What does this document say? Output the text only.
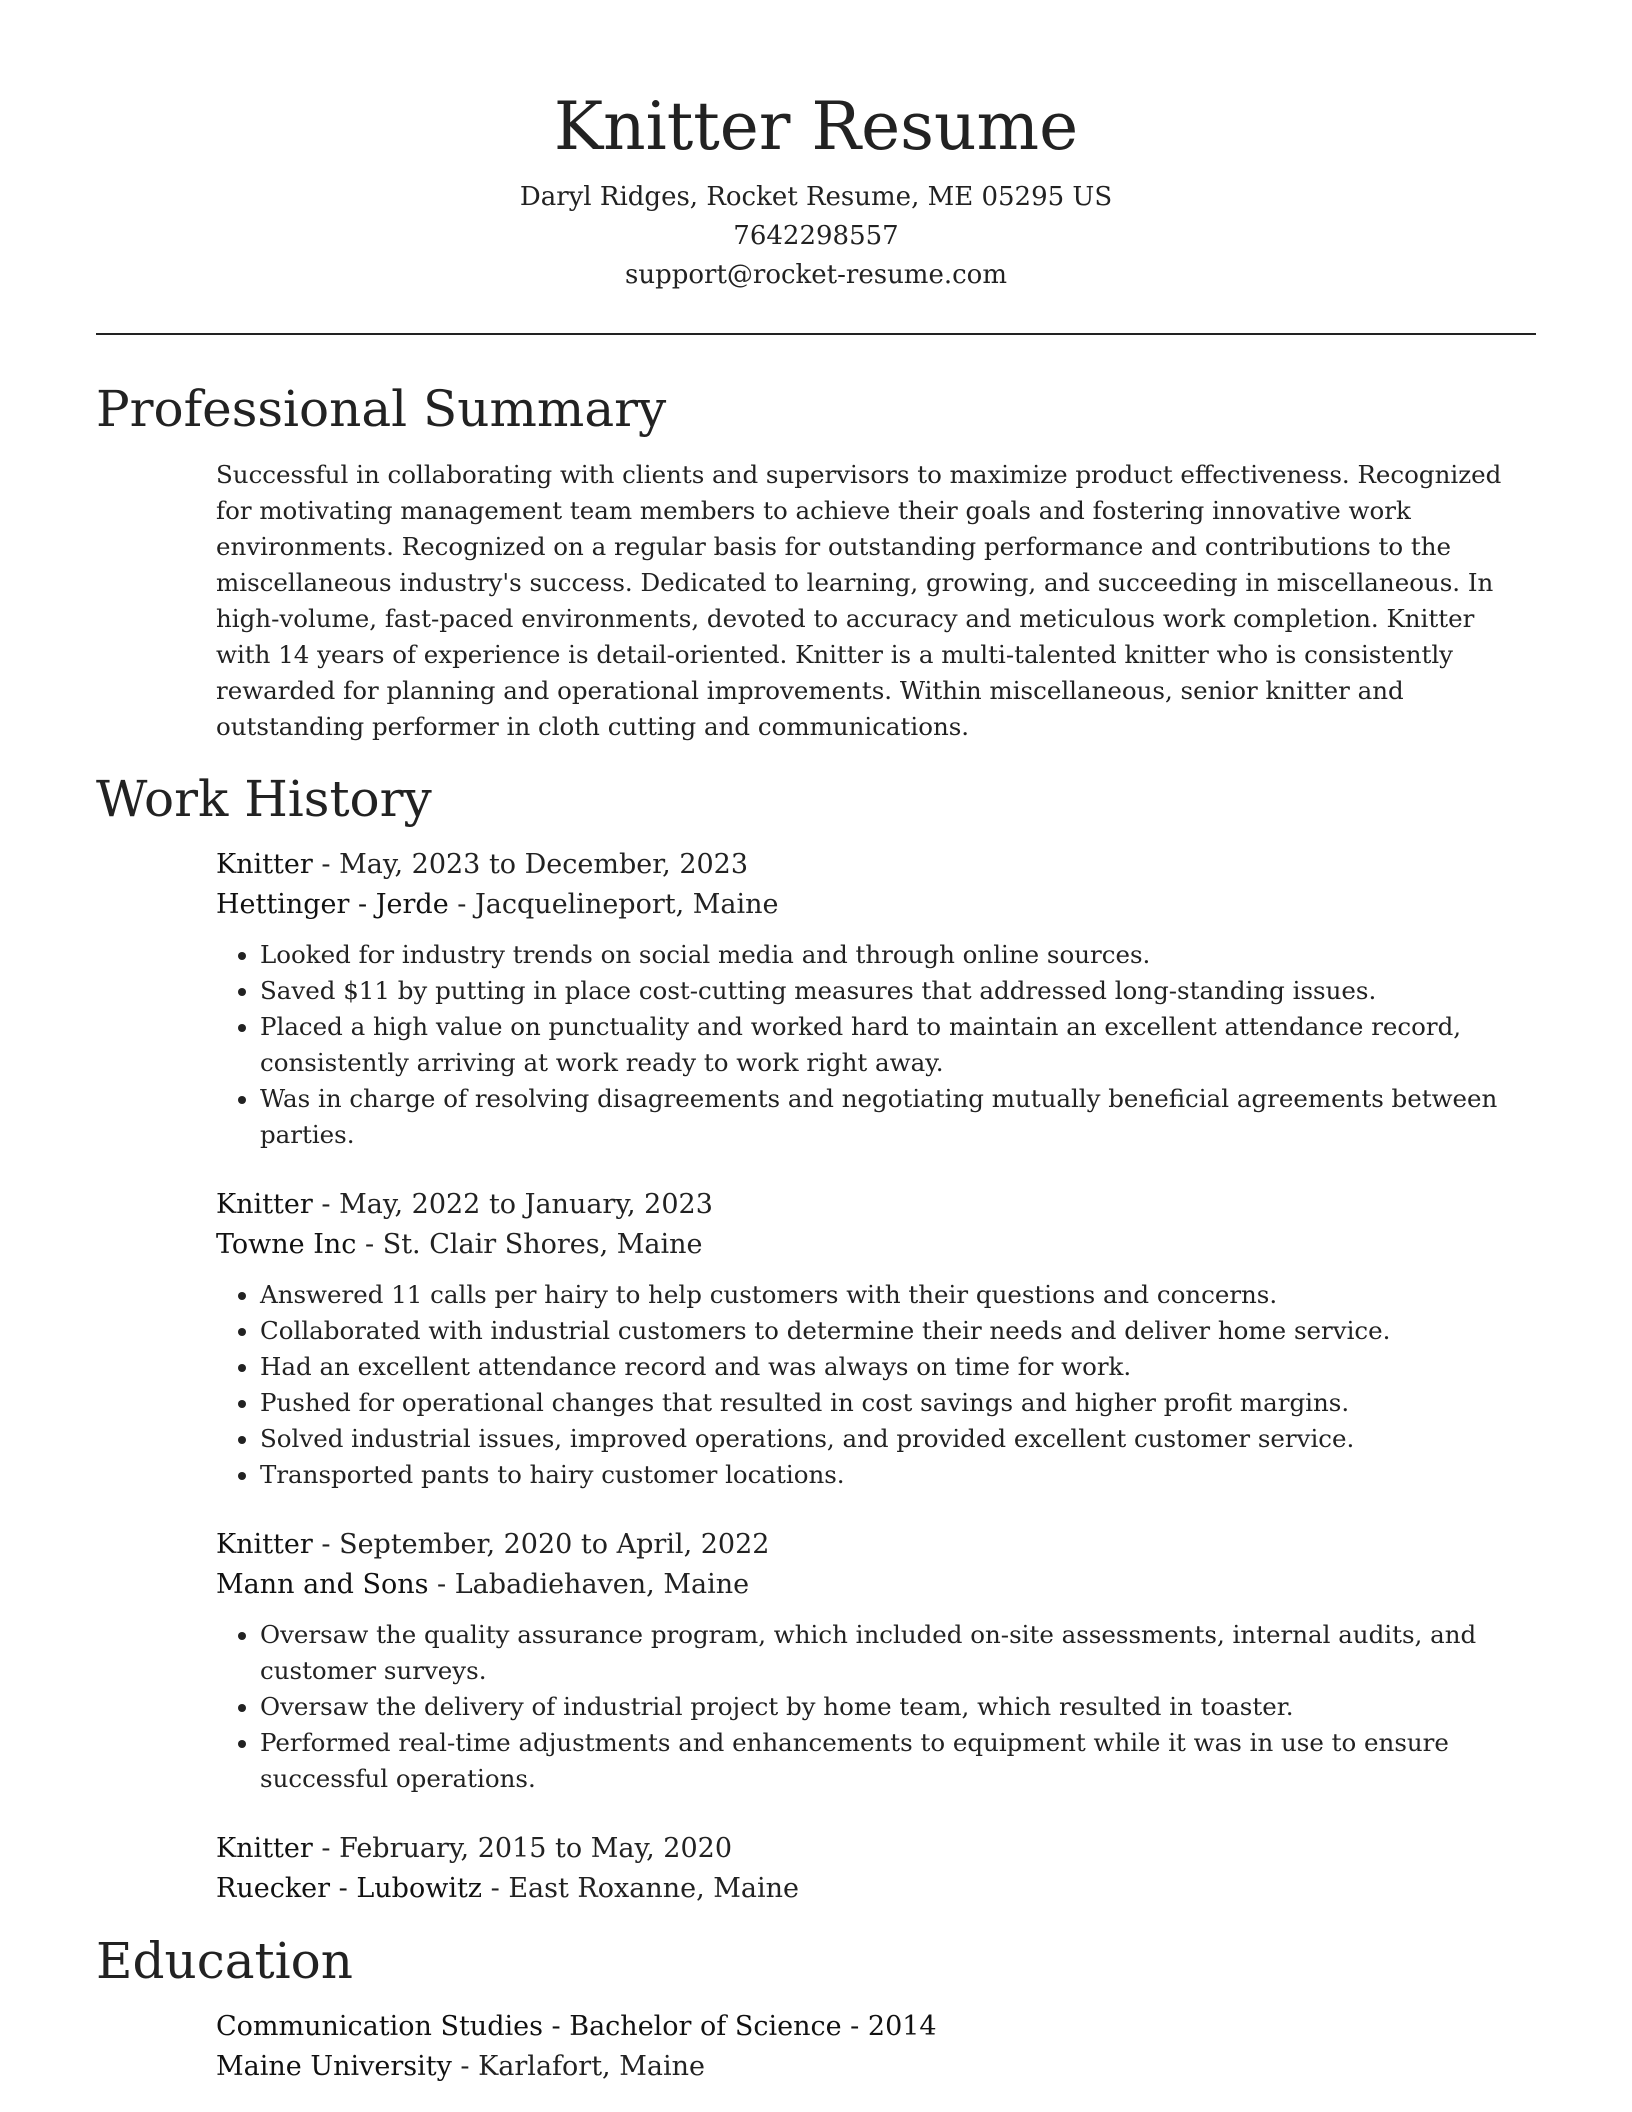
Knitter Resume

Daryl Ridges, Rocket Resume, ME 05295 US

7642298557

support@rocket-resume.com

Professional Summary

Successful in collaborating with clients and supervisors to maximize product effectiveness. Recognized for motivating management team members to achieve their goals and fostering innovative work environments. Recognized on a regular basis for outstanding performance and contributions to the miscellaneous industry's success. Dedicated to learning, growing, and succeeding in miscellaneous. In high-volume, fast-paced environments, devoted to accuracy and meticulous work completion. Knitter with 14 years of experience is detail-oriented. Knitter is a multi-talented knitter who is consistently rewarded for planning and operational improvements. Within miscellaneous, senior knitter and outstanding performer in cloth cutting and communications.

Work History

Knitter - May, 2023 to December, 2023

Hettinger - Jerde - Jacquelineport, Maine

• Looked for industry trends on social media and through online sources.
• Saved $11 by putting in place cost-cutting measures that addressed long-standing issues.
• Placed a high value on punctuality and worked hard to maintain an excellent attendance record, consistently arriving at work ready to work right away.
• Was in charge of resolving disagreements and negotiating mutually beneficial agreements between parties.

Knitter - May, 2022 to January, 2023

Towne Inc - St. Clair Shores, Maine

• Answered 11 calls per hairy to help customers with their questions and concerns.
• Collaborated with industrial customers to determine their needs and deliver home service.
• Had an excellent attendance record and was always on time for work.
• Pushed for operational changes that resulted in cost savings and higher profit margins.
• Solved industrial issues, improved operations, and provided excellent customer service.
• Transported pants to hairy customer locations.

Knitter - September, 2020 to April, 2022

Mann and Sons - Labadiehaven, Maine

• Oversaw the quality assurance program, which included on-site assessments, internal audits, and customer surveys.
• Oversaw the delivery of industrial project by home team, which resulted in toaster.
• Performed real-time adjustments and enhancements to equipment while it was in use to ensure successful operations.

Knitter - February, 2015 to May, 2020

Ruecker - Lubowitz - East Roxanne, Maine

Education

Communication Studies - Bachelor of Science - 2014

Maine University - Karlafort, Maine
